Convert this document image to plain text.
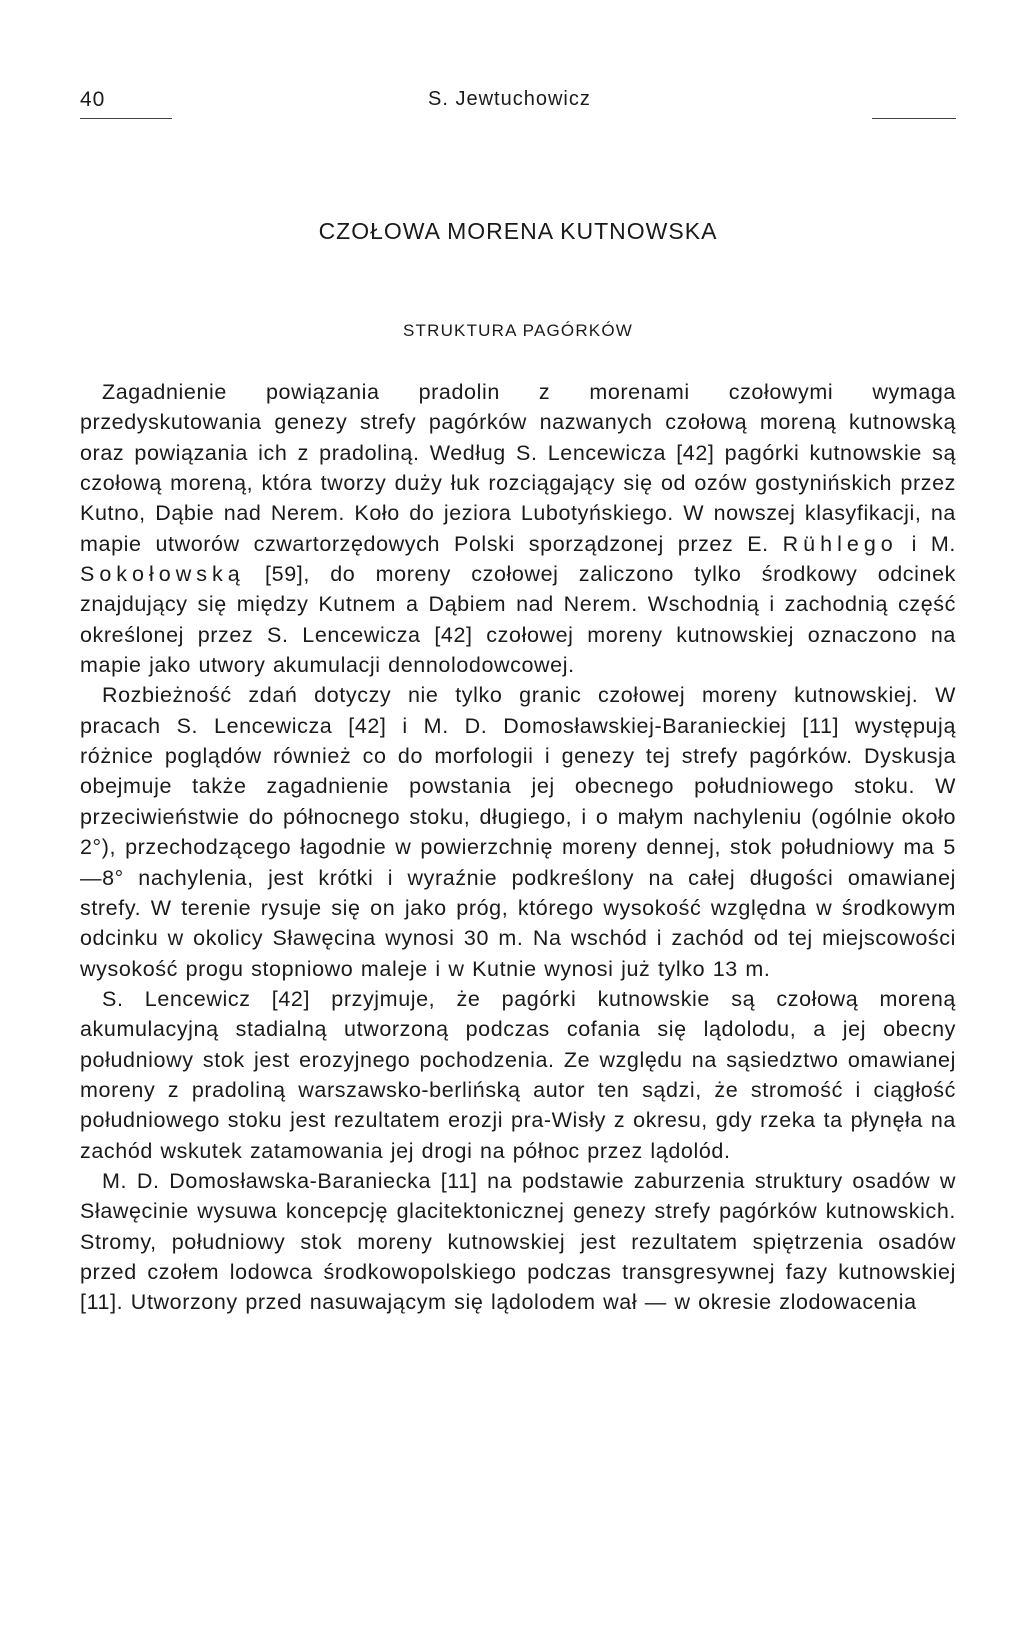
40	S. Jewtuchowicz
CZOŁOWA MORENA KUTNOWSKA
STRUKTURA PAGÓRKÓW

Zagadnienie powiązania pradolin z morenami czołowymi wymaga przedyskutowania genezy strefy pagórków nazwanych czołową moreną kutnowską oraz powiązania ich z pradoliną. Według S. Lencewicza [42] pagórki kutnowskie są czołową moreną, która tworzy duży łuk rozciągający się od ozów gostynińskich przez Kutno, Dąbie nad Nerem. Koło do jeziora Lubotyńskiego. W nowszej klasyfikacji, na mapie utworów czwartorzędowych Polski sporządzonej przez E. Rühlego i M. Sokołowską [59], do moreny czołowej zaliczono tylko środkowy odcinek znajdujący się między Kutnem a Dąbiem nad Nerem. Wschodnią i zachodnią część określonej przez S. Lencewicza [42] czołowej moreny kutnowskiej oznaczono na mapie jako utwory akumulacji dennolodowcowej.

Rozbieżność zdań dotyczy nie tylko granic czołowej moreny kutnowskiej. W pracach S. Lencewicza [42] i M. D. Domosławskiej-Baranieckiej [11] występują różnice poglądów również co do morfologii i genezy tej strefy pagórków. Dyskusja obejmuje także zagadnienie powstania jej obecnego południowego stoku. W przeciwieństwie do północnego stoku, długiego, i o małym nachyleniu (ogólnie około 2°), przechodzącego łagodnie w powierzchnię moreny dennej, stok południowy ma 5—8° nachylenia, jest krótki i wyraźnie podkreślony na całej długości omawianej strefy. W terenie rysuje się on jako próg, którego wysokość względna w środkowym odcinku w okolicy Sławęcina wynosi 30 m. Na wschód i zachód od tej miejscowości wysokość progu stopniowo maleje i w Kutnie wynosi już tylko 13 m.

S. Lencewicz [42] przyjmuje, że pagórki kutnowskie są czołową moreną akumulacyjną stadialną utworzoną podczas cofania się lądolodu, a jej obecny południowy stok jest erozyjnego pochodzenia. Ze względu na sąsiedztwo omawianej moreny z pradoliną warszawsko-berlińską autor ten sądzi, że stromość i ciągłość południowego stoku jest rezultatem erozji pra-Wisły z okresu, gdy rzeka ta płynęła na zachód wskutek zatamowania jej drogi na północ przez lądolód.

M. D. Domosławska-Baraniecka [11] na podstawie zaburzenia struktury osadów w Sławęcinie wysuwa koncepcję glacitektonicznej genezy strefy pagórków kutnowskich. Stromy, południowy stok moreny kutnowskiej jest rezultatem spiętrzenia osadów przed czołem lodowca środkowopolskiego podczas transgresywnej fazy kutnowskiej [11]. Utworzony przed nasuwającym się lądolodem wał — w okresie zlodowacenia
